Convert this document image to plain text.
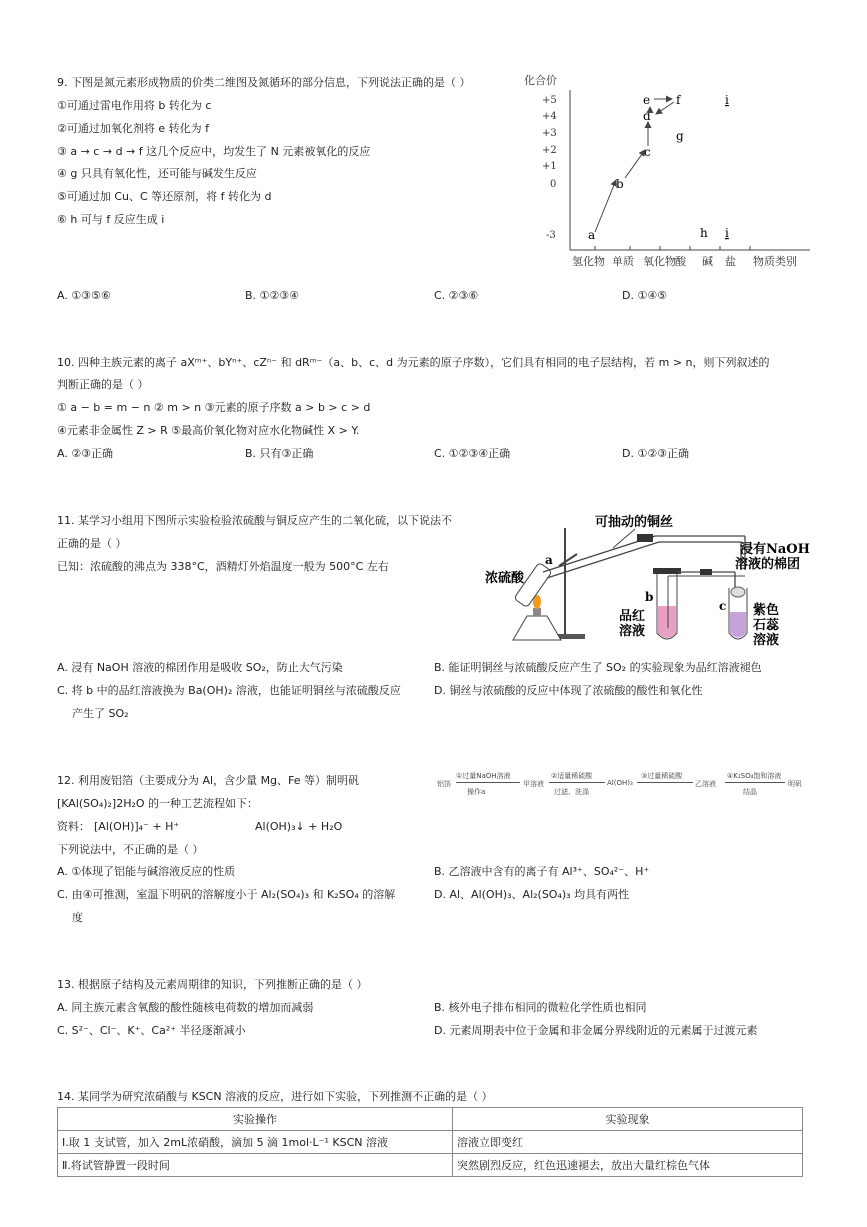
9. 下图是氮元素形成物质的价类二维图及氮循环的部分信息，下列说法正确的是（ ）
①可通过雷电作用将 b 转化为 c
②可通过加氧化剂将 e 转化为 f
③ a → c → d → f 这几个反应中，均发生了 N 元素被氧化的反应
④ g 只具有氧化性，还可能与碱发生反应
⑤可通过加 Cu、C 等还原剂，将 f 转化为 d
⑥ h 可与 f 反应生成 i
化合价
+5
+4
+3
+2
+1
0
-3
氢化物 单质 氧化物 酸 碱 盐 物质类别
a
b
c
d
e f
g
h
i
i
A. ①③⑤⑥	B. ①②③④	C. ②③⑥	D. ①④⑤
10. 四种主族元素的离子 aXᵐ⁺、bYⁿ⁺、cZⁿ⁻ 和 dRᵐ⁻（a、b、c、d 为元素的原子序数），它们具有相同的电子层结构，若 m > n，则下列叙述的
判断正确的是（ ）
① a − b = m − n ② m > n ③元素的原子序数 a > b > c > d
④元素非金属性 Z > R ⑤最高价氧化物对应水化物碱性 X > Y.
A. ②③正确	B. 只有③正确	C. ①②③④正确	D. ①②③正确
11. 某学习小组用下图所示实验检验浓硫酸与铜反应产生的二氧化硫，以下说法不
正确的是（ ）
已知：浓硫酸的沸点为 338°C，酒精灯外焰温度一般为 500°C 左右
可抽动的铜丝
浓硫酸
a
b
c
品红
溶液
浸有NaOH
溶液的棉团
紫色
石蕊
溶液
A. 浸有 NaOH 溶液的棉团作用是吸收 SO₂，防止大气污染	B. 能证明铜丝与浓硫酸反应产生了 SO₂ 的实验现象为品红溶液褪色
C. 将 b 中的品红溶液换为 Ba(OH)₂ 溶液，也能证明铜丝与浓硫酸反应
产生了 SO₂
D. 铜丝与浓硫酸的反应中体现了浓硫酸的酸性和氧化性
12. 利用废铝箔（主要成分为 Al，含少量 Mg、Fe 等）制明矾
[KAl(SO₄)₂]2H₂O 的一种工艺流程如下：
资料： [Al(OH)]₄⁻ + H⁺	Al(OH)₃↓ + H₂O
下列说法中，不正确的是（ ）
铝箔
①过量NaOH溶液
操作a
甲溶液
②适量稀硫酸
过滤、洗涤
Al(OH)₃
③过量稀硫酸
乙溶液
④K₂SO₄饱和溶液
结晶
明矾
A. ①体现了铝能与碱溶液反应的性质	B. 乙溶液中含有的离子有 Al³⁺、SO₄²⁻、H⁺
C. 由④可推测，室温下明矾的溶解度小于 Al₂(SO₄)₃ 和 K₂SO₄ 的溶解
度
D. Al、Al(OH)₃、Al₂(SO₄)₃ 均具有两性
13. 根据原子结构及元素周期律的知识，下列推断正确的是（ ）
A. 同主族元素含氧酸的酸性随核电荷数的增加而减弱	B. 核外电子排布相同的微粒化学性质也相同
C. S²⁻、Cl⁻、K⁺、Ca²⁺ 半径逐渐减小	D. 元素周期表中位于金属和非金属分界线附近的元素属于过渡元素
14. 某同学为研究浓硝酸与 KSCN 溶液的反应，进行如下实验，下列推测不正确的是（ ）
实验操作	实验现象
Ⅰ.取 1 支试管，加入 2mL浓硝酸，滴加 5 滴 1mol·L⁻¹ KSCN 溶液	溶液立即变红
Ⅱ.将试管静置一段时间	突然剧烈反应，红色迅速褪去，放出大量红棕色气体
